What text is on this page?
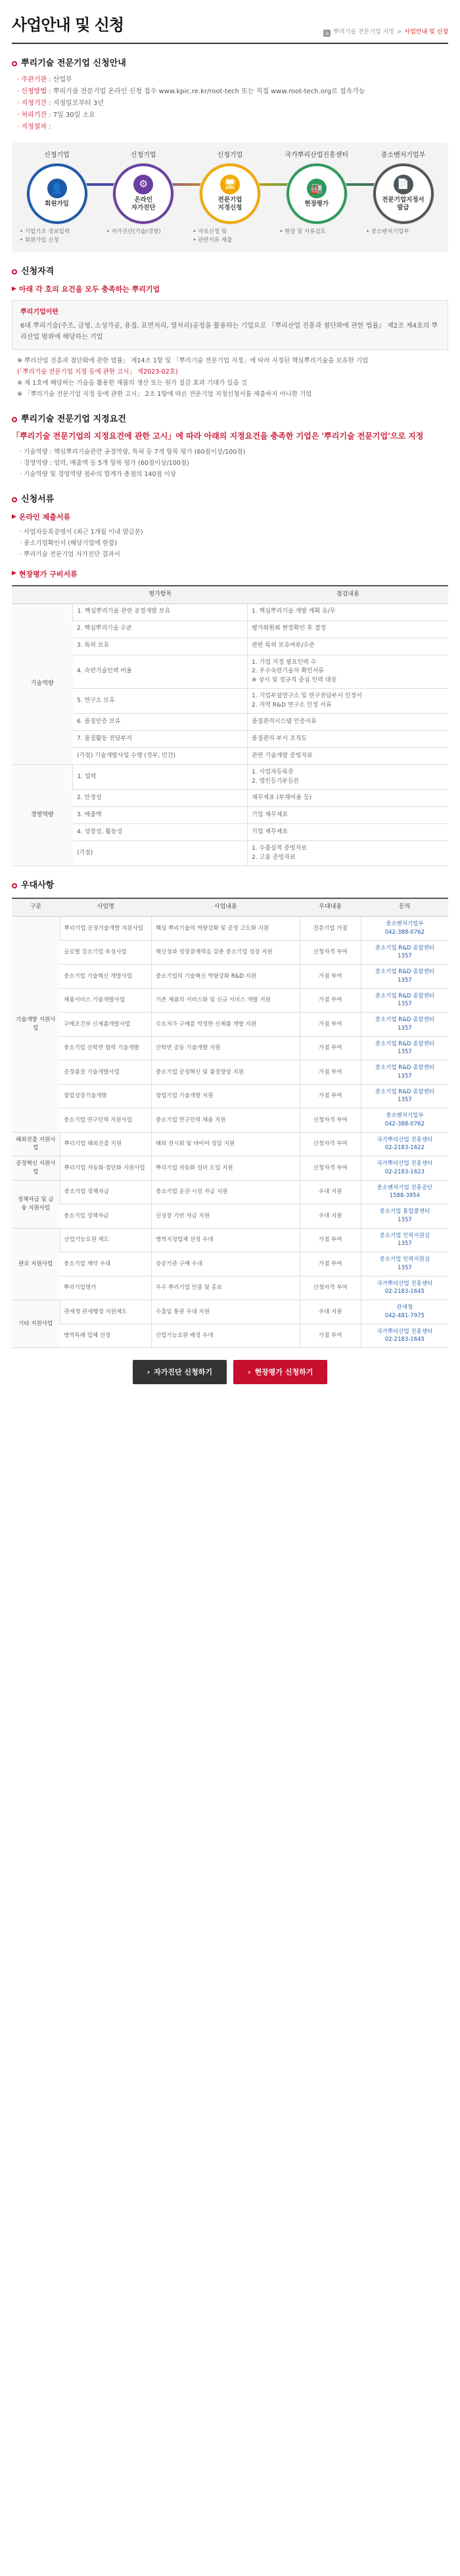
사업안내 및 신청	⌂ 뿌리기술 전문기업 지정 > 사업안내 및 신청
뿌리기술 전문기업 신청안내
· 주관기관 : 산업부
· 신청방법 : 뿌리기술 전문기업 온라인 신청 접수 www.kpic.re.kr/root-tech 또는 직접 www.root-tech.org로 접속가능
· 지정기간 : 지정일로부터 3년
· 처리기간 : 7일 30일 소요
· 지정절차 :
신청기업
👤
회원가입
• 기업기초 정보입력
• 회원가입 신청
신청기업
⚙
온라인
자가진단
• 자가진단(기술/경영)
신청기업
🖥
전문기업
지정신청
• 자료신청 및
• 관련서류 제출
국가뿌리산업진흥센터
🏭
현장평가
• 현장 및 서류검토
중소벤처기업부
📄
전문기업지정서
발급
• 중소벤처기업부
신청자격
▶ 아래 각 호의 요건을 모두 충족하는 뿌리기업
뿌리기업이란

6대 뿌리기술(주조, 금형, 소성가공, 용접, 표면처리, 열처리)공정을 활용하는 기업으로 『뿌리산업 진흥과 첨단화에 관한 법률』 제2조 제4호의 뿌리산업 범위에 해당하는 기업

※ 뿌리산업 진흥과 첨단화에 관한 법률」 제14조 1항 및 「뿌리기술 전문기업 지정」에 따라 지정된 핵심뿌리기술을 보유한 기업
(「뿌리기술 전문기업 지정 등에 관한 고시」 제2023-02호)
※ 제 1호에 해당하는 기술을 활용한 제품의 생산 또는 원가 절감 효과 기대가 있을 것
※ 「뿌리기술 전문기업 지정 등에 관한 고시」 2조 1항에 따른 전문기업 지정신청서를 제출하지 아니한 기업
뿌리기술 전문기업 지정요건
「뿌리기술 전문기업의 지정요건에 관한 고시」에 따라 아래의 지정요건을 충족한 기업은 '뿌리기술 전문기업'으로 지정
· 기술역량 : 핵심뿌리기술관련 공정역량, 특허 등 7개 항목 평가 (60점이상/100점)
· 경영역량 : 업력, 매출액 등 5개 항목 평가 (60점이상/100점)
· 기술역량 및 경영역량 점수의 합계가 총점의 140점 이상
신청서류
▶ 온라인 제출서류
· 사업자등록증명서 (최근 1개월 이내 발급분)
· 중소기업확인서 (해당기업에 한함)
· 뿌리기술 전문기업 자가진단 결과서
▶ 현장평가 구비서류
	평가항목	점검내용
기술역량	1. 핵심뿌리기술 관련 공정개발 보유	1. 핵심뿌리기술 개발 계획 유/무
	2. 핵심뿌리기술 수준	평가위원회 현장확인 후 결정
	3. 특허 보유	관련 특허 보유여부/수준
	4. 숙련기술인력 비율	1. 기업 지정 필요인력 수
2. 우수숙련기술자 확인서류
※ 상시 및 정규직 중심 인력 대상
	5. 연구소 보유	1. 기업부설연구소 및 연구전담부서 인정서
2. 지역 R&D 연구소 인정 서류
	6. 품질인증 보유	품질관리시스템 인증서류
	7. 품질활동 전담부서	품질관리 부서 조직도
	(가점) 기술개발사업 수행 (정부, 민간)	관련 기술개발 증빙자료
경영역량	1. 업력	1. 사업자등록증
2. 법인등기부등본
	2. 안정성	재무제표 (부채비율 등)
	3. 매출액	기업 재무제표
	4. 성장성, 활동성	기업 재무제표
	(가점)	1. 수출실적 증빙자료
2. 고용 증빙자료
우대사항
구분	사업명	사업내용	우대내용	문의
기술개발 지원사업	뿌리기업 공정기술개발 지원사업	핵심 뿌리기술의 역량강화 및 공정 고도화 지원	전문기업 가점	중소벤처기업부
042-388-0762
	글로벌 강소기업 육성사업	혁신성과 성장잠재력을 갖춘 중소기업 성장 지원	신청자격 부여	중소기업 R&D 종합센터
1357
	중소기업 기술혁신 개발사업	중소기업의 기술혁신 역량강화 R&D 지원	가점 부여	중소기업 R&D 종합센터
1357
	제품서비스 기술개발사업	기존 제품의 서비스화 및 신규 서비스 개발 지원	가점 부여	중소기업 R&D 종합센터
1357
	구매조건부 신제품개발사업	수요처가 구매를 약정한 신제품 개발 지원	가점 부여	중소기업 R&D 종합센터
1357
	중소기업 산학연 협력 기술개발	산학연 공동 기술개발 지원	가점 부여	중소기업 R&D 종합센터
1357
	공정품질 기술개발사업	중소기업 공정혁신 및 품질향상 지원	가점 부여	중소기업 R&D 종합센터
1357
	창업성장기술개발	창업기업 기술개발 지원	가점 부여	중소기업 R&D 종합센터
1357
	중소기업 연구인력 지원사업	중소기업 연구인력 채용 지원	신청자격 부여	중소벤처기업부
042-388-0762
해외진출 지원사업	뿌리기업 해외진출 지원	해외 전시회 및 바이어 상담 지원	신청자격 부여	국가뿌리산업 진흥센터
02-2183-1622
공정혁신 지원사업	뿌리기업 자동화·첨단화 지원사업	뿌리기업 자동화 설비 도입 지원	신청자격 부여	국가뿌리산업 진흥센터
02-2183-1623
정책자금 및 금융 지원사업	중소기업 정책자금	중소기업 운전·시설 자금 지원	우대 지원	중소벤처기업 진흥공단
1588-3954
	중소기업 정책자금	신성장 기반 자금 지원	우대 지원	중소기업 통합콜센터
1357
판로 지원사업	산업기능요원 제도	병역지정업체 선정 우대	가점 부여	중소기업 인력지원실
1357
	중소기업 계약 우대	공공기관 구매 우대	가점 부여	중소기업 인력지원실
1357
	뿌리기업명가	우수 뿌리기업 인증 및 홍보	신청자격 부여	국가뿌리산업 진흥센터
02-2183-1645
기타 지원사업	관세청 관세행정 지원제도	수출입 통관 우대 지원	우대 지원	관세청
042-481-7975
	병역특례 업체 선정	산업기능요원 배정 우대	가점 부여	국가뿌리산업 진흥센터
02-2183-1645
› 자가진단 신청하기	› 현장평가 신청하기
